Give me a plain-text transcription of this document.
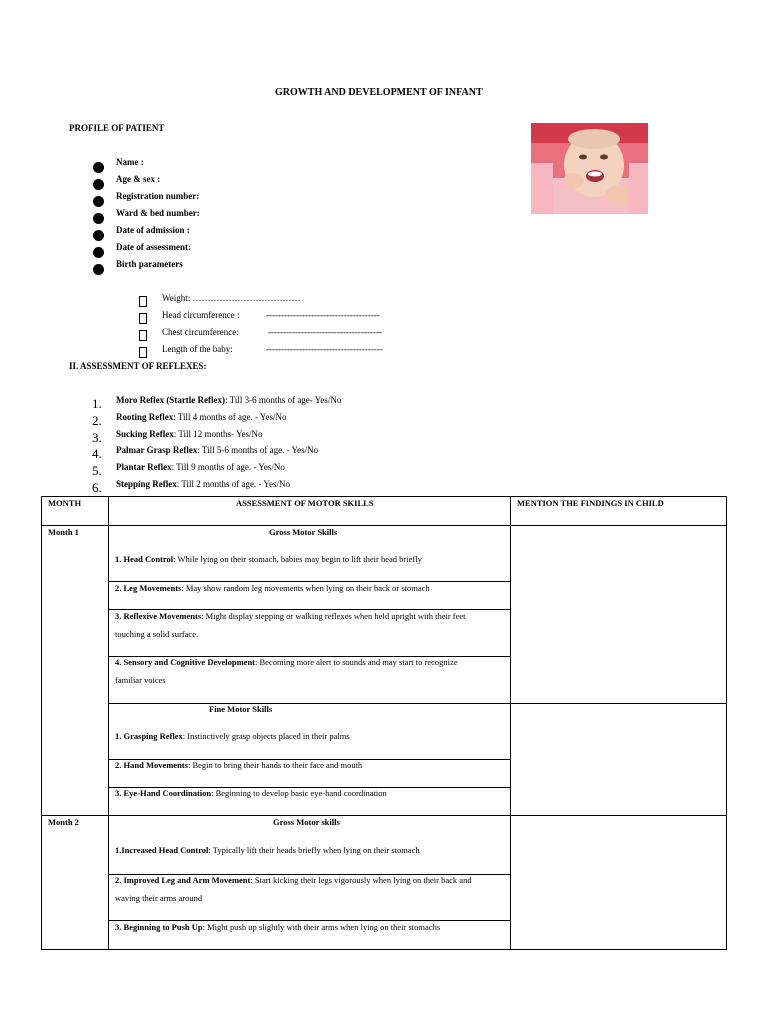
GROWTH AND DEVELOPMENT OF INFANT
PROFILE OF PATIENT
Name :
Age & sex :
Registration number:
Ward & bed number:
Date of admission :
Date of assessment:
Birth parameters
Weight: ………………………………
Head circumference :	--------------------------------------
Chest circumference:	--------------------------------------
Length of the baby:	---------------------------------------
II. ASSESSMENT OF REFLEXES:
1. Moro Reflex (Startle Reflex): Till 3-6 months of age- Yes/No
2. Rooting Reflex: Till 4 months of age. - Yes/No
3. Sucking Reflex: Till 12 months- Yes/No
4. Palmar Grasp Reflex: Till 5-6 months of age. - Yes/No
5. Plantar Reflex: Till 9 months of age. - Yes/No
6. Stepping Reflex: Till 2 months of age. - Yes/No
MONTH	ASSESSMENT OF MOTOR SKILLS	MENTION THE FINDINGS IN CHILD
Month 1	Gross Motor Skills
1. Head Control: While lying on their stomach, babies may begin to lift their head briefly
2. Leg Movements: May show random leg movements when lying on their back or stomach
3. Reflexive Movements: Might display stepping or walking reflexes when held upright with their feet
touching a solid surface.
4. Sensory and Cognitive Development: Becoming more alert to sounds and may start to recognize
familiar voices
Fine Motor Skills
1. Grasping Reflex: Instinctively grasp objects placed in their palms
2. Hand Movements: Begin to bring their hands to their face and mouth
3. Eye-Hand Coordination: Beginning to develop basic eye-hand coordination
Month 2	Gross Motor skills
1.Increased Head Control: Typically lift their heads briefly when lying on their stomach
2. Improved Leg and Arm Movement: Start kicking their legs vigorously when lying on their back and
waving their arms around
3. Beginning to Push Up: Might push up slightly with their arms when lying on their stomachs
